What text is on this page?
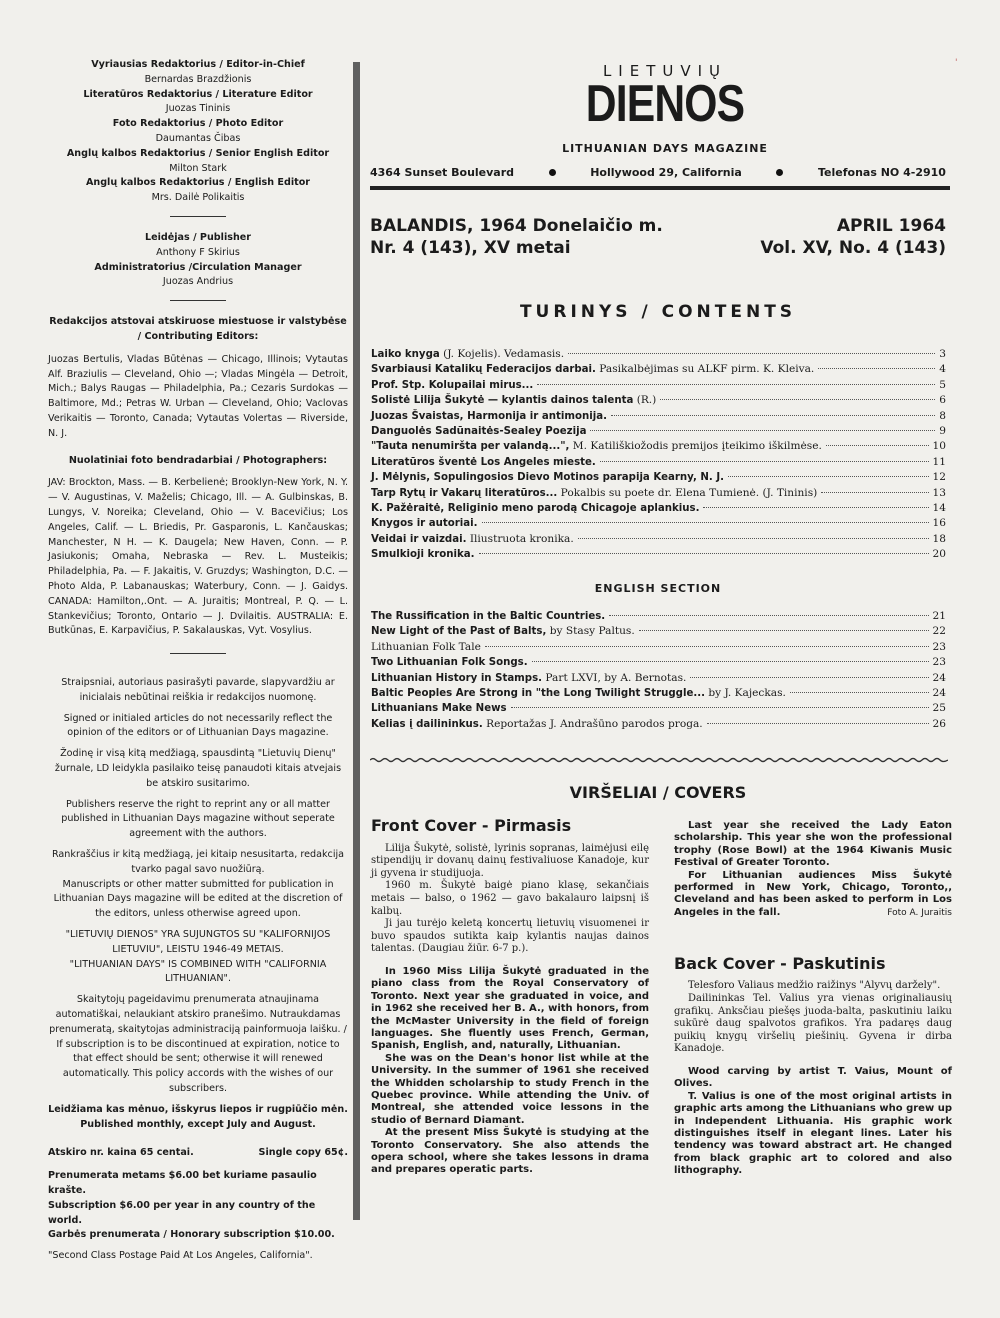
Vyriausias Redaktorius / Editor-in-Chief
Bernardas Brazdžionis
Literatūros Redaktorius / Literature Editor
Juozas Tininis
Foto Redaktorius / Photo Editor
Daumantas Čibas
Anglų kalbos Redaktorius / Senior English Editor
Milton Stark
Anglų kalbos Redaktorius / English Editor
Mrs. Dailė Polikaitis
Leidėjas / Publisher
Anthony F Skirius
Administratorius /Circulation Manager
Juozas Andrius
Redakcijos atstovai atskiruose miestuose ir valstybėse / Contributing Editors:
Juozas Bertulis, Vladas Būtėnas — Chicago, Illinois; Vytautas Alf. Braziulis — Cleveland, Ohio —; Vladas Mingėla — Detroit, Mich.; Balys Raugas — Philadelphia, Pa.; Cezaris Surdokas — Baltimore, Md.; Petras W. Urban — Cleveland, Ohio; Vaclovas Verikaitis — Toronto, Canada; Vytautas Volertas — Riverside, N. J.
Nuolatiniai foto bendradarbiai / Photographers:
JAV: Brockton, Mass. — B. Kerbelienė; Brooklyn-New York, N. Y. — V. Augustinas, V. Maželis; Chicago, Ill. — A. Gulbinskas, B. Lungys, V. Noreika; Cleveland, Ohio — V. Bacevičius; Los Angeles, Calif. — L. Briedis, Pr. Gasparonis, L. Kančauskas; Manchester, N H. — K. Daugela; New Haven, Conn. — P. Jasiukonis; Omaha, Nebraska — Rev. L. Musteikis; Philadelphia, Pa. — F. Jakaitis, V. Gruzdys; Washington, D.C. —Photo Alda, P. Labanauskas; Waterbury, Conn. — J. Gaidys. CANADA: Hamilton,.Ont. — A. Juraitis; Montreal, P. Q. — L. Stankevičius; Toronto, Ontario — J. Dvilaitis. AUSTRALIA: E. Butkūnas, E. Karpavičius, P. Sakalauskas, Vyt. Vosylius.
Straipsniai, autoriaus pasirašyti pavarde, slapyvardžiu ar inicialais nebūtinai reiškia ir redakcijos nuomonę.
Signed or initialed articles do not necessarily reflect the opinion of the editors or of Lithuanian Days magazine.
Žodinę ir visą kitą medžiagą, spausdintą "Lietuvių Dienų" žurnale, LD leidykla pasilaiko teisę panaudoti kitais atvejais be atskiro susitarimo.
Publishers reserve the right to reprint any or all matter published in Lithuanian Days magazine without seperate agreement with the authors.
Rankraščius ir kitą medžiagą, jei kitaip nesusitarta, redakcija tvarko pagal savo nuožiūrą.
Manuscripts or other matter submitted for publication in Lithuanian Days magazine will be edited at the discretion of the editors, unless otherwise agreed upon.
"LIETUVIŲ DIENOS" YRA SUJUNGTOS SU "KALIFORNIJOS LIETUVIU", LEISTU 1946-49 METAIS.
"LITHUANIAN DAYS" IS COMBINED WITH "CALIFORNIA LITHUANIAN".
Skaitytojų pageidavimu prenumerata atnaujinama automatiškai, nelaukiant atskiro pranešimo. Nutraukdamas prenumeratą, skaitytojas administraciją painformuoja laišku. / If subscription is to be discontinued at expiration, notice to that effect should be sent; otherwise it will renewed automatically. This policy accords with the wishes of our subscribers.
Leidžiama kas mėnuo, išskyrus liepos ir rugpiūčio mėn. Published monthly, except July and August.
Atskiro nr. kaina 65 centai.	Single copy 65¢.
Prenumerata metams $6.00 bet kuriame pasaulio krašte.
Subscription $6.00 per year in any country of the world.
Garbės prenumerata / Honorary subscription $10.00.
"Second Class Postage Paid At Los Angeles, California".
'
LIETUVIŲ
DIENOS
LITHUANIAN DAYS MAGAZINE
4364 Sunset Boulevard	Hollywood 29, California	Telefonas NO 4-2910
BALANDIS, 1964 Donelaičio m.
Nr. 4 (143), XV metai
APRIL 1964
Vol. XV, No. 4 (143)
TURINYS / CONTENTS
Laiko knyga (J. Kojelis). Vedamasis.	3
Svarbiausi Katalikų Federacijos darbai. Pasikalbėjimas su ALKF pirm. K. Kleiva.	4
Prof. Stp. Kolupailai mirus...	5
Solistė Lilija Šukytė — kylantis dainos talenta (R.)	6
Juozas Švaistas, Harmonija ir antimonija.	8
Danguolės Sadūnaitės-Sealey Poezija	9
"Tauta nenumiršta per valandą...", M. Katiliškiožodis premijos įteikimo iškilmėse.	10
Literatūros šventė Los Angeles mieste.	11
J. Mėlynis, Sopulingosios Dievo Motinos parapija Kearny, N. J.	12
Tarp Rytų ir Vakarų literatūros... Pokalbis su poete dr. Elena Tumienė. (J. Tininis)	13
K. Pažėraitė, Religinio meno parodą Chicagoje aplankius.	14
Knygos ir autoriai.	16
Veidai ir vaizdai. Iliustruota kronika.	18
Smulkioji kronika.	20
ENGLISH SECTION
The Russification in the Baltic Countries.	21
New Light of the Past of Balts, by Stasy Paltus.	22
Lithuanian Folk Tale	23
Two Lithuanian Folk Songs.	23
Lithuanian History in Stamps. Part LXVI, by A. Bernotas.	24
Baltic Peoples Are Strong in "the Long Twilight Struggle... by J. Kajeckas.	24
Lithuanians Make News	25
Kelias į dailininkus. Reportažas J. Andrašūno parodos proga.	26
VIRŠELIAI / COVERS
Front Cover - Pirmasis
Lilija Šukytė, solistė, lyrinis sopranas, laimėjusi eilę stipendijų ir dovanų dainų festivaliuose Kanadoje, kur ji gyvena ir studijuoja.
1960 m. Šukytė baigė piano klasę, sekančiais metais — balso, o 1962 — gavo bakalauro laipsnį iš kalbų.
Ji jau turėjo keletą koncertų lietuvių visuomenei ir buvo spaudos sutikta kaip kylantis naujas dainos talentas. (Daugiau žiūr. 6-7 p.).
In 1960 Miss Lilija Šukytė graduated in the piano class from the Royal Conservatory of Toronto. Next year she graduated in voice, and in 1962 she received her B. A., with honors, from the McMaster University in the field of foreign languages. She fluently uses French, German, Spanish, English, and, naturally, Lithuanian.
She was on the Dean's honor list while at the University. In the summer of 1961 she received the Whidden scholarship to study French in the Quebec province. While attending the Univ. of Montreal, she attended voice lessons in the studio of Bernard Diamant.
At the present Miss Šukytė is studying at the Toronto Conservatory. She also attends the opera school, where she takes lessons in drama and prepares operatic parts.
Last year she received the Lady Eaton scholarship. This year she won the professional trophy (Rose Bowl) at the 1964 Kiwanis Music Festival of Greater Toronto.
For Lithuanian audiences Miss Šukytė performed in New York, Chicago, Toronto,, Cleveland and has been asked to perform in Los Angeles in the fall.	Foto A. Juraitis
Back Cover - Paskutinis
Telesforo Valiaus medžio raižinys "Alyvų daržely".
Dailininkas Tel. Valius yra vienas originaliausių grafikų. Anksčiau piešęs juoda-balta, paskutiniu laiku sukūrė daug spalvotos grafikos. Yra padaręs daug puikių knygų viršelių piešinių. Gyvena ir dirba Kanadoje.
Wood carving by artist T. Vaius, Mount of Olives.
T. Valius is one of the most original artists in graphic arts among the Lithuanians who grew up in Independent Lithuania. His graphic work distinguishes itself in elegant lines. Later his tendency was toward abstract art. He changed from black graphic art to colored and also lithography.
